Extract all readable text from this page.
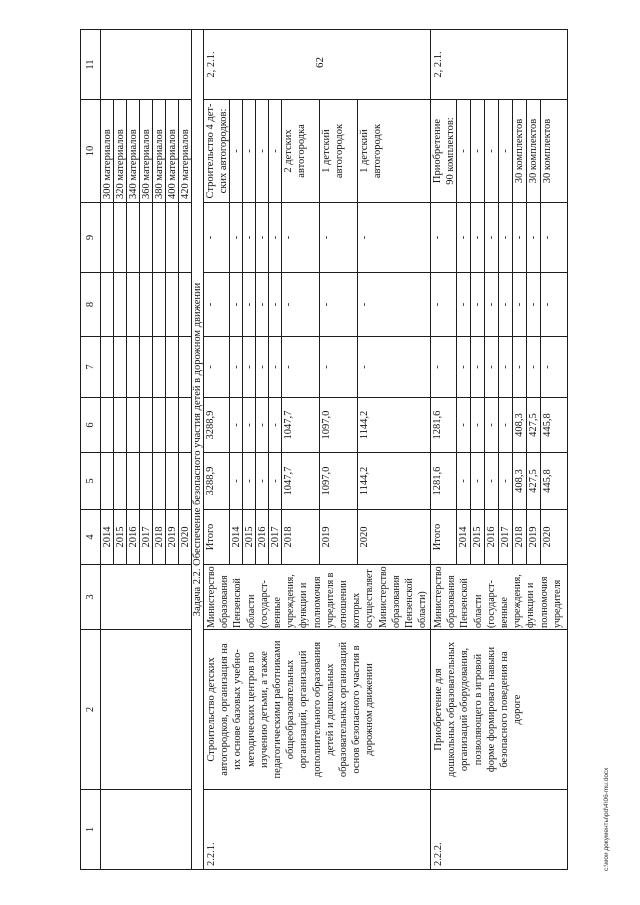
62
1
2
3
4
5
6
7
8
9
10
11
2014
300 материалов
2015
320 материалов
2016
340 материалов
2017
360 материалов
2018
380 материалов
2019
400 материалов
2020
420 материалов
Задача 2.2. Обеспечение безопасного участия детей в дорожном движении
2.2.1.
Строительство детских автогородков, организация на их основе базовых учебно- методических центров по изучению детьми, а также педагогическими работниками общеобразовательных организаций, организаций дополнительного образования детей и дошкольных образовательных организаций основ безопасного участия в дорожном движении
Министерство образования Пензенской области (государст- венные учреждения, функции и полномочия учредителя в отношении которых осуществляет Министерство образования Пензенской области)
2, 2.1.
Итого
3288,9
3288,9
-
-
-
Строительство 4 дет- ских автогородков:
2014
-
-
-
-
-
-
2015
-
-
-
-
-
-
2016
-
-
-
-
-
-
2017
-
-
-
-
-
-
2018
1047,7
1047,7
-
-
-
2 детских автогородка
2019
1097,0
1097,0
-
-
-
1 детский автогородок
2020
1144,2
1144,2
-
-
-
1 детский автогородок
2.2.2.
Приобретение для дошкольных образовательных организаций оборудования, позволяющего в игровой форме формировать навыки безопасного поведения на дороге
Министерство образования Пензенской области (государст- венные учреждения, функции и полномочия учредителя
2, 2.1.
Итого
1281,6
1281,6
-
-
-
Приобретение 90 комплектов:
2014
-
-
-
-
-
-
2015
-
-
-
-
-
-
2016
-
-
-
-
-
-
2017
-
-
-
-
-
-
2018
408,3
408,3
-
-
-
30 комплектов
2019
427,5
427,5
-
-
-
30 комплектов
2020
445,8
445,8
-
-
-
30 комплектов
c:\мои документы\pd\4\06-mu.docx
